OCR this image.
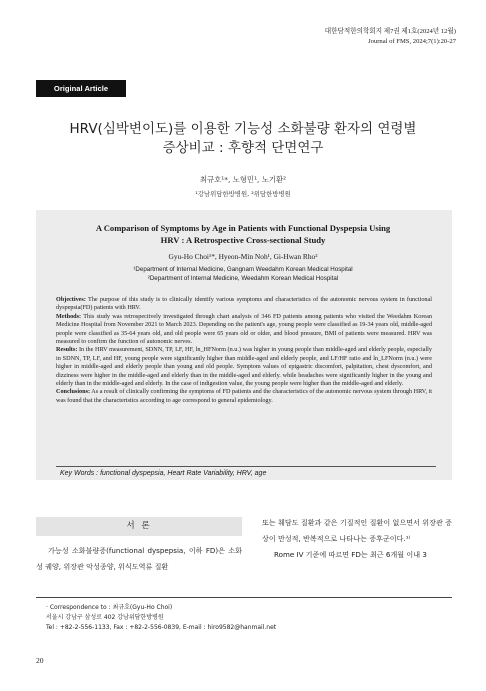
대한담적한의학회지 제7권 제1호(2024년 12월)
Journal of FMS, 2024;7(1):20-27
Original Article
HRV(심박변이도)를 이용한 기능성 소화불량 환자의 연령별
증상비교 : 후향적 단면연구
최규호¹*, 노형민¹, 노기환²
¹강남위담한방병원, ²위담한방병원
A Comparison of Symptoms by Age in Patients with Functional Dyspepsia Using
HRV : A Retrospective Cross-sectional Study
Gyu-Ho Choi¹*, Hyeon-Min Noh¹, Gi-Hwan Rho²
¹Department of Internal Medicine, Gangnam Weedahm Korean Medical Hospital
²Department of Internal Medicine, Weedahm Korean Medical Hospital

Objectives: The purpose of this study is to clinically identify various symptoms and characteristics of the autonomic nervous system in functional dyspepsia(FD) patients with HRV.

Methods: This study was retrospectively investigated through chart analysis of 346 FD patients among patients who visited the Weedahm Korean Medicine Hospital from November 2021 to March 2023. Depending on the patient's age, young people were classified as 19-34 years old, middle-aged people were classified as 35-64 years old, and old people were 65 years old or older, and blood pressure, BMI of patients were measured. HRV was measured to confirm the function of autonomic nerves.

Results: In the HRV measurement, SDNN, TP, LF, HF, ln_HFNorm (n.u.) was higher in young people than middle-aged and elderly people, especially in SDNN, TP, LF, and HF, young people were significantly higher than middle-aged and elderly people, and LF/HF ratio and ln_LFNorm (n.u.) were higher in middle-aged and elderly people than young and old people. Symptom values of epigastric discomfort, palpitation, chest dyscomfort, and dizziness were higher in the middle-aged and elderly than in the middle-aged and elderly. while headaches were significantly higher in the young and elderly than in the middle-aged and elderly. In the case of indigestion value, the young people were higher than the middle-aged and elderly.

Conclusions: As a result of clinically confirming the symptoms of FD patients and the characteristics of the autonomic nervous system through HRV, it was found that the characteristics according to age correspond to general epidemiology.

Key Words : functional dyspepsia, Heart Rate Variability, HRV, age
서 론

가능성 소화불량증(functional dyspepsia, 이하 FD)은 소화성 궤양, 위장관 악성종양, 위식도역류 질환

또는 췌담도 질환과 같은 기질적인 질환이 없으면서 위장관 증상이 만성적, 반복적으로 나타나는 증후군이다.¹⁾

Rome IV 기준에 따르면 FD는 최근 6개월 이내 3

· Correspondence to : 최규호(Gyu-Ho Choi)
서울시 강남구 삼성로 402 강남위담한방병원
Tel : +82-2-556-1133, Fax : +82-2-556-0839, E-mail : hiro9582@hanmail.net
20
